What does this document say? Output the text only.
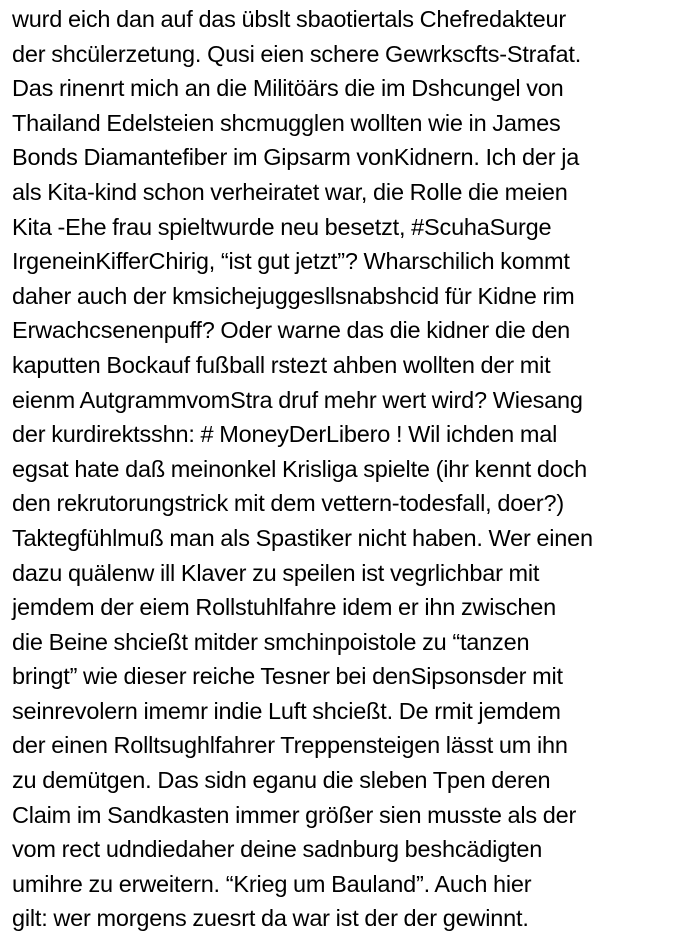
wurd eich dan auf das übslt sbaotiertals Chefredakteur
der shcülerzetung. Qusi eien schere Gewrkscfts-Strafat.
Das rinenrt mich an die Militöärs die im Dshcungel von
Thailand Edelsteien shcmugglen wollten wie in James
Bonds Diamantefiber im Gipsarm vonKidnern. Ich der ja
als Kita-kind schon verheiratet war, die Rolle die meien
Kita -Ehe frau spieltwurde neu besetzt, #ScuhaSurge
IrgeneinKifferChirig, “ist gut jetzt”? Wharschilich kommt
daher auch der kmsichejuggesllsnabshcid für Kidne rim
Erwachcsenenpuff? Oder warne das die kidner die den
kaputten Bockauf fußball rstezt ahben wollten der mit
eienm AutgrammvomStra druf mehr wert wird? Wiesang
der kurdirektsshn: # MoneyDerLibero ! Wil ichden mal
egsat hate daß meinonkel Krisliga spielte (ihr kennt doch
den rekrutorungstrick mit dem vettern-todesfall, doer?)
Taktegfühlmuß man als Spastiker nicht haben. Wer einen
dazu quälenw ill Klaver zu speilen ist vegrlichbar mit
jemdem der eiem Rollstuhlfahre idem er ihn zwischen
die Beine shcießt mitder smchinpoistole zu “tanzen
bringt” wie dieser reiche Tesner bei denSipsonsder mit
seinrevolern imemr indie Luft shcießt. De rmit jemdem
der einen Rolltsughlfahrer Treppensteigen lässt um ihn
zu demütgen. Das sidn eganu die sleben Tpen deren
Claim im Sandkasten immer größer sien musste als der
vom rect udndiedaher deine sadnburg beshcädigten
umihre zu erweitern. “Krieg um Bauland”. Auch hier
gilt: wer morgens zuesrt da war ist der der gewinnt.
